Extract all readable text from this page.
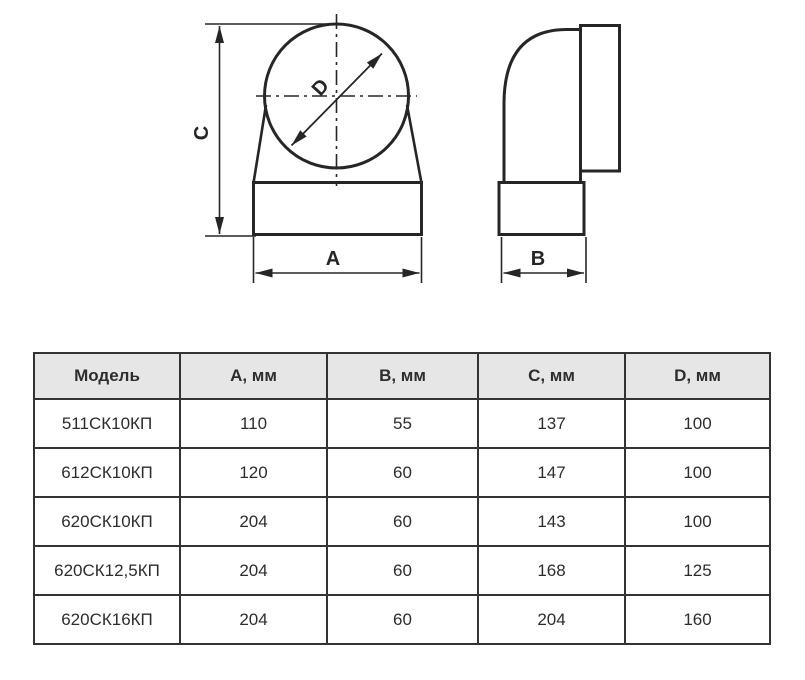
C
D
A	B
Модель	А, мм	В, мм	С, мм	D, мм
511СК10КП	110	55	137	100
612СК10КП	120	60	147	100
620СК10КП	204	60	143	100
620СК12,5КП	204	60	168	125
620СК16КП	204	60	204	160
